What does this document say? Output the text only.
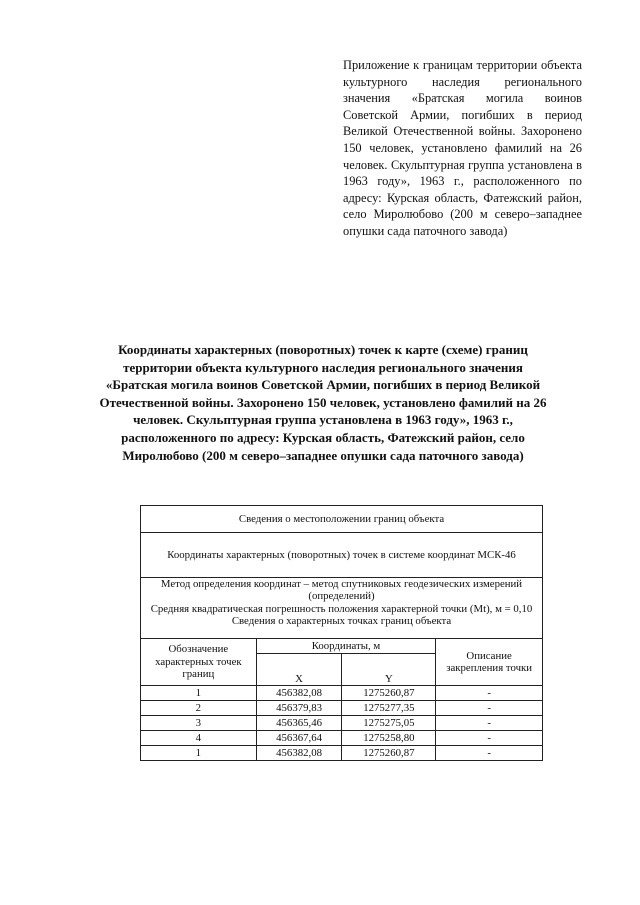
Приложение к границам территории объекта культурного наследия регионального значения «Братская могила воинов Советской Армии, погибших в период Великой Отечественной войны. Захоронено 150 человек, установлено фамилий на 26 человек. Скульптурная группа установлена в 1963 году», 1963 г., расположенного по адресу: Курская область, Фатежский район, село Миролюбово (200 м северо–западнее опушки сада паточного завода)
Координаты характерных (поворотных) точек к карте (схеме) границ территории объекта культурного наследия регионального значения «Братская могила воинов Советской Армии, погибших в период Великой Отечественной войны. Захоронено 150 человек, установлено фамилий на 26 человек. Скульптурная группа установлена в 1963 году», 1963 г., расположенного по адресу: Курская область, Фатежский район, село Миролюбово (200 м северо–западнее опушки сада паточного завода)
Сведения о местоположении границ объекта			
Координаты характерных (поворотных) точек в системе координат МСК-46			

Метод определения координат – метод спутниковых геодезических измерений (определений)
Средняя квадратическая погрешность положения характерной точки (Mt), м = 0,10
Сведения о характерных точках границ объекта			

Обозначение характерных точек границ	Координаты, м		Описание закрепления точки
	X	Y	
1	456382,08	1275260,87	-
2	456379,83	1275277,35	-
3	456365,46	1275275,05	-
4	456367,64	1275258,80	-
1	456382,08	1275260,87	-
